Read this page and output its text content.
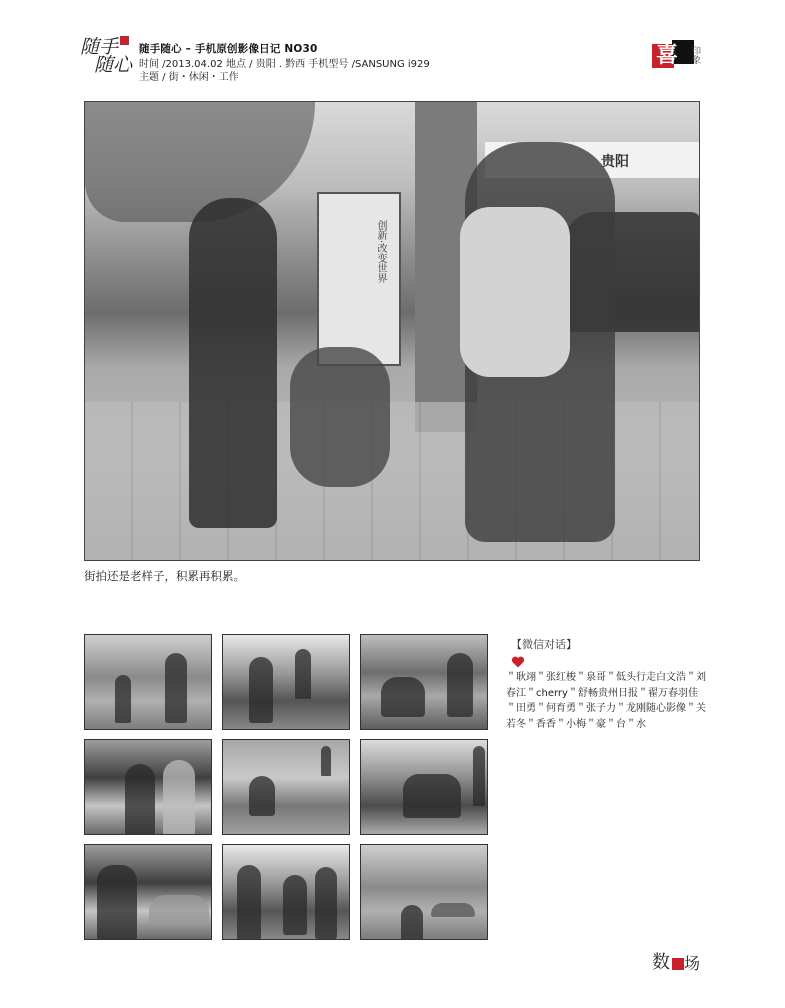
随手
随心
随手随心 – 手机原创影像日记 NO30
时间 /2013.04.02 地点 / 贵阳 . 黔西 手机型号 /SANSUNG i929
主题 / 街・休闲・工作
喜 印象
贵阳
创新·改变世界
街拍还是老样子，积累再积累。
【微信对话】
＂耿翊＂张红梭＂泉哥＂低头行走白文浩＂刘春江＂cherry＂舒畅贵州日报＂翟万春羽佳＂田勇＂何育勇＂张子力＂龙刚随心影像＂关若冬＂香香＂小梅＂豪＂台＂水
数 场
